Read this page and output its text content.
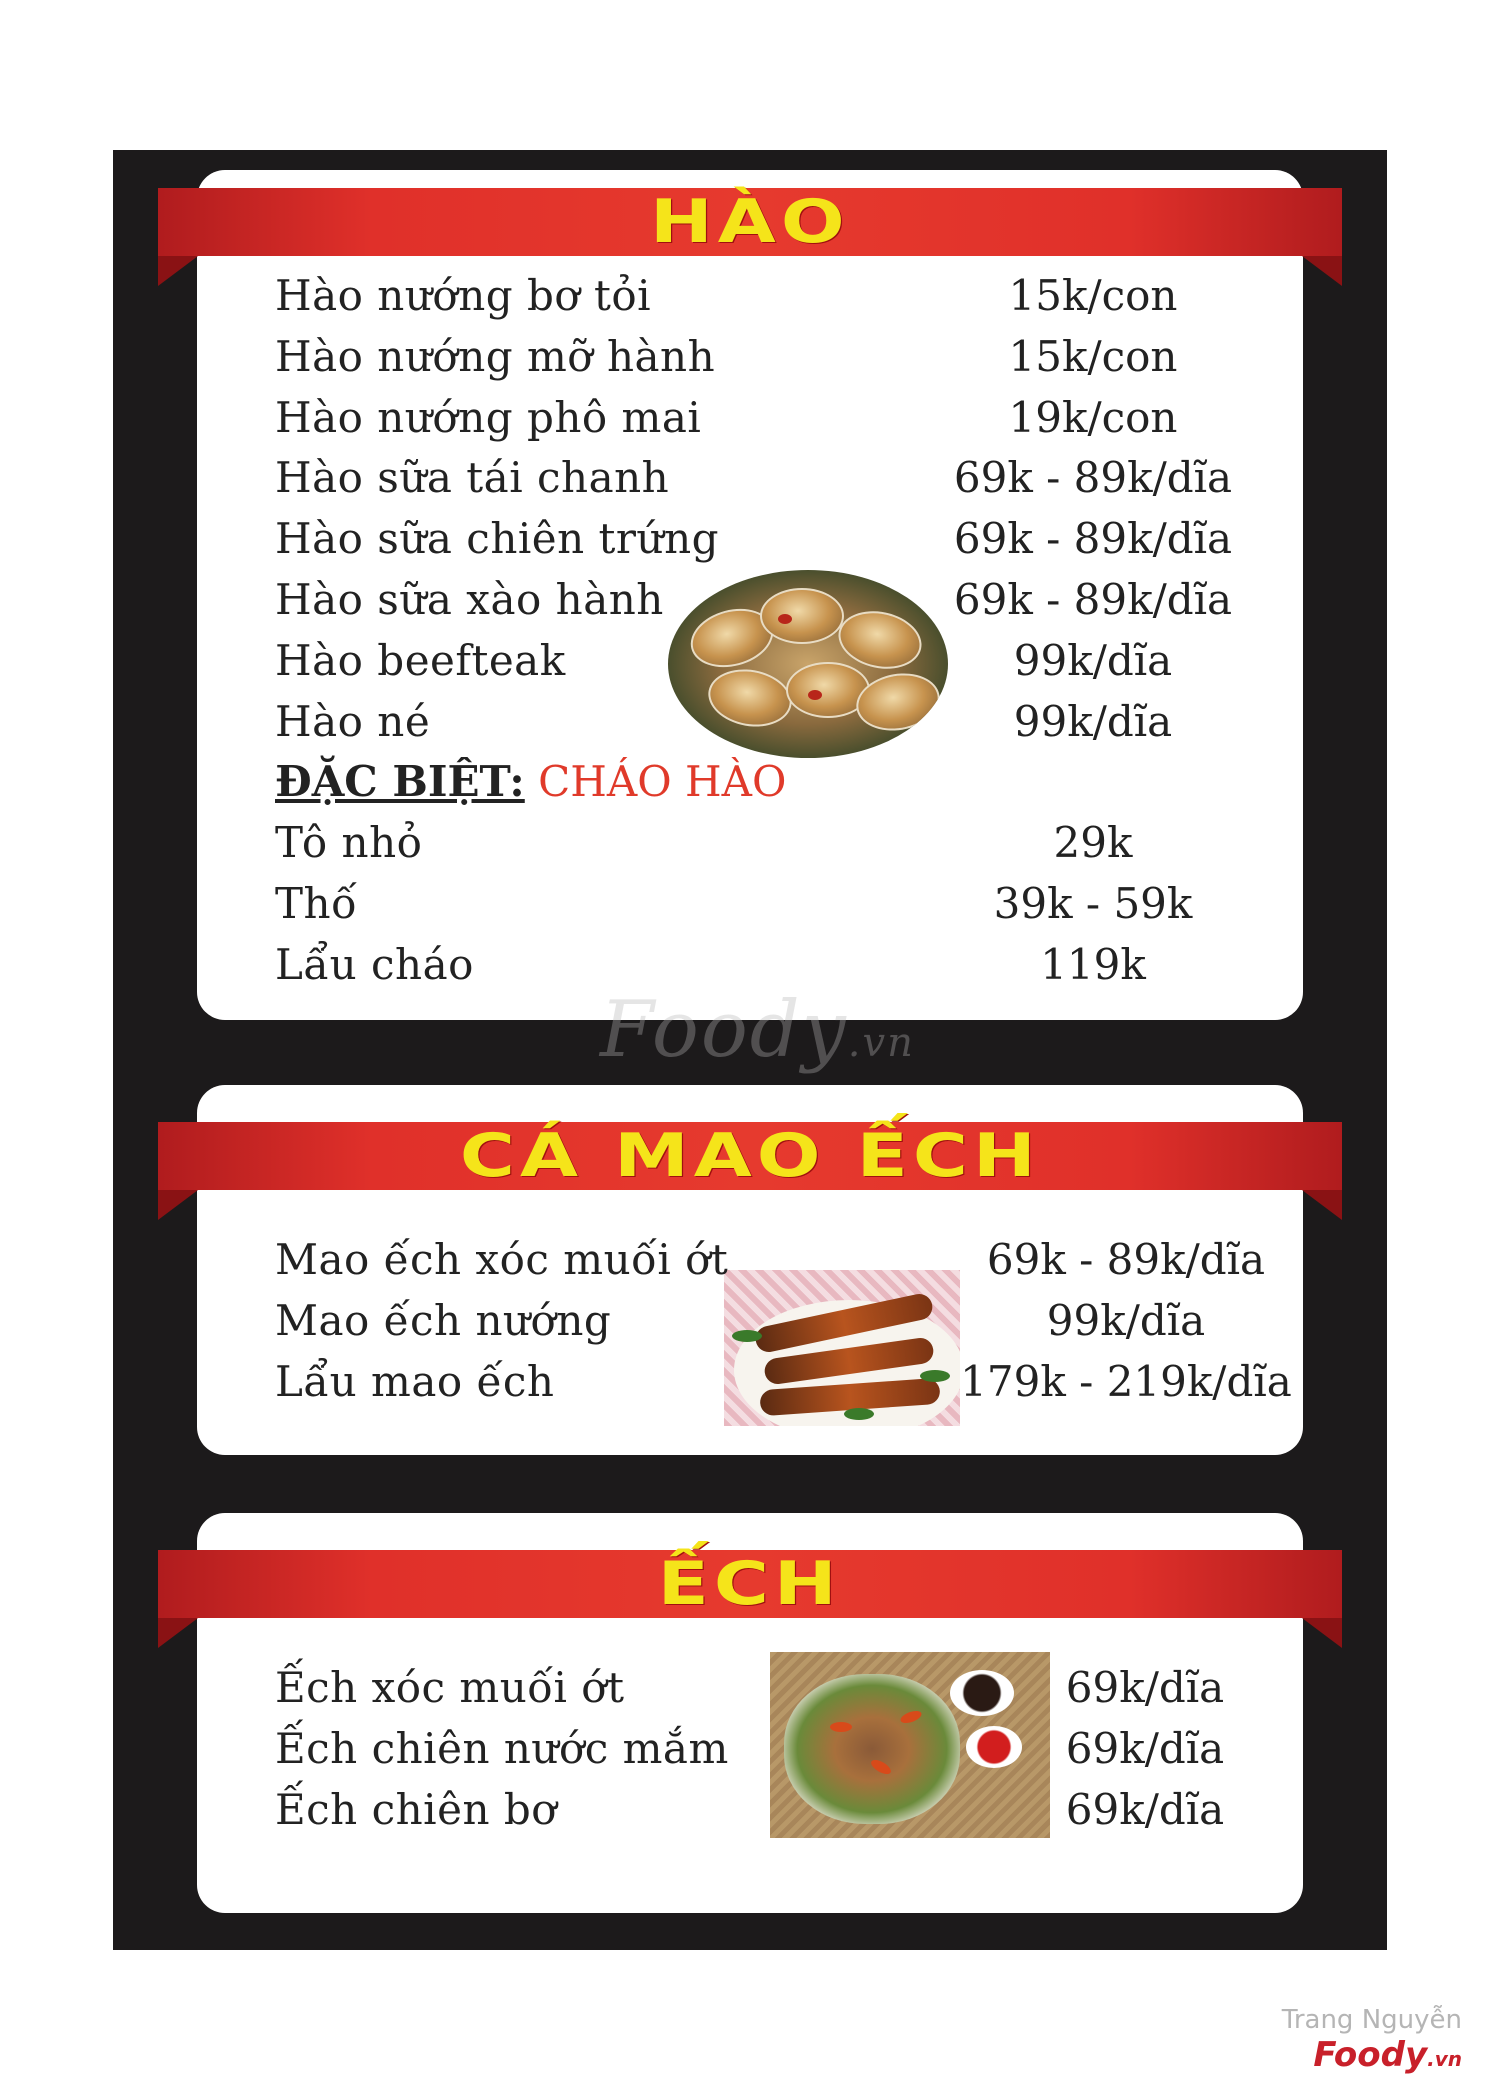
HÀO
Hào nướng bơ tỏi	15k/con
Hào nướng mỡ hành	15k/con
Hào nướng phô mai	19k/con
Hào sữa tái chanh	69k - 89k/dĩa
Hào sữa chiên trứng	69k - 89k/dĩa
Hào sữa xào hành	69k - 89k/dĩa
Hào beefteak	99k/dĩa
Hào né	99k/dĩa
ĐẶC BIỆT: CHÁO HÀO
Tô nhỏ	29k
Thố	39k - 59k
Lẩu cháo	119k
Foody.vn
CÁ MAO ẾCH
Mao ếch xóc muối ớt	69k - 89k/dĩa
Mao ếch nướng	99k/dĩa
Lẩu mao ếch	179k - 219k/dĩa
ẾCH
Ếch xóc muối ớt	69k/dĩa
Ếch chiên nước mắm	69k/dĩa
Ếch chiên bơ	69k/dĩa
Trang Nguyễn
Foody.vn
